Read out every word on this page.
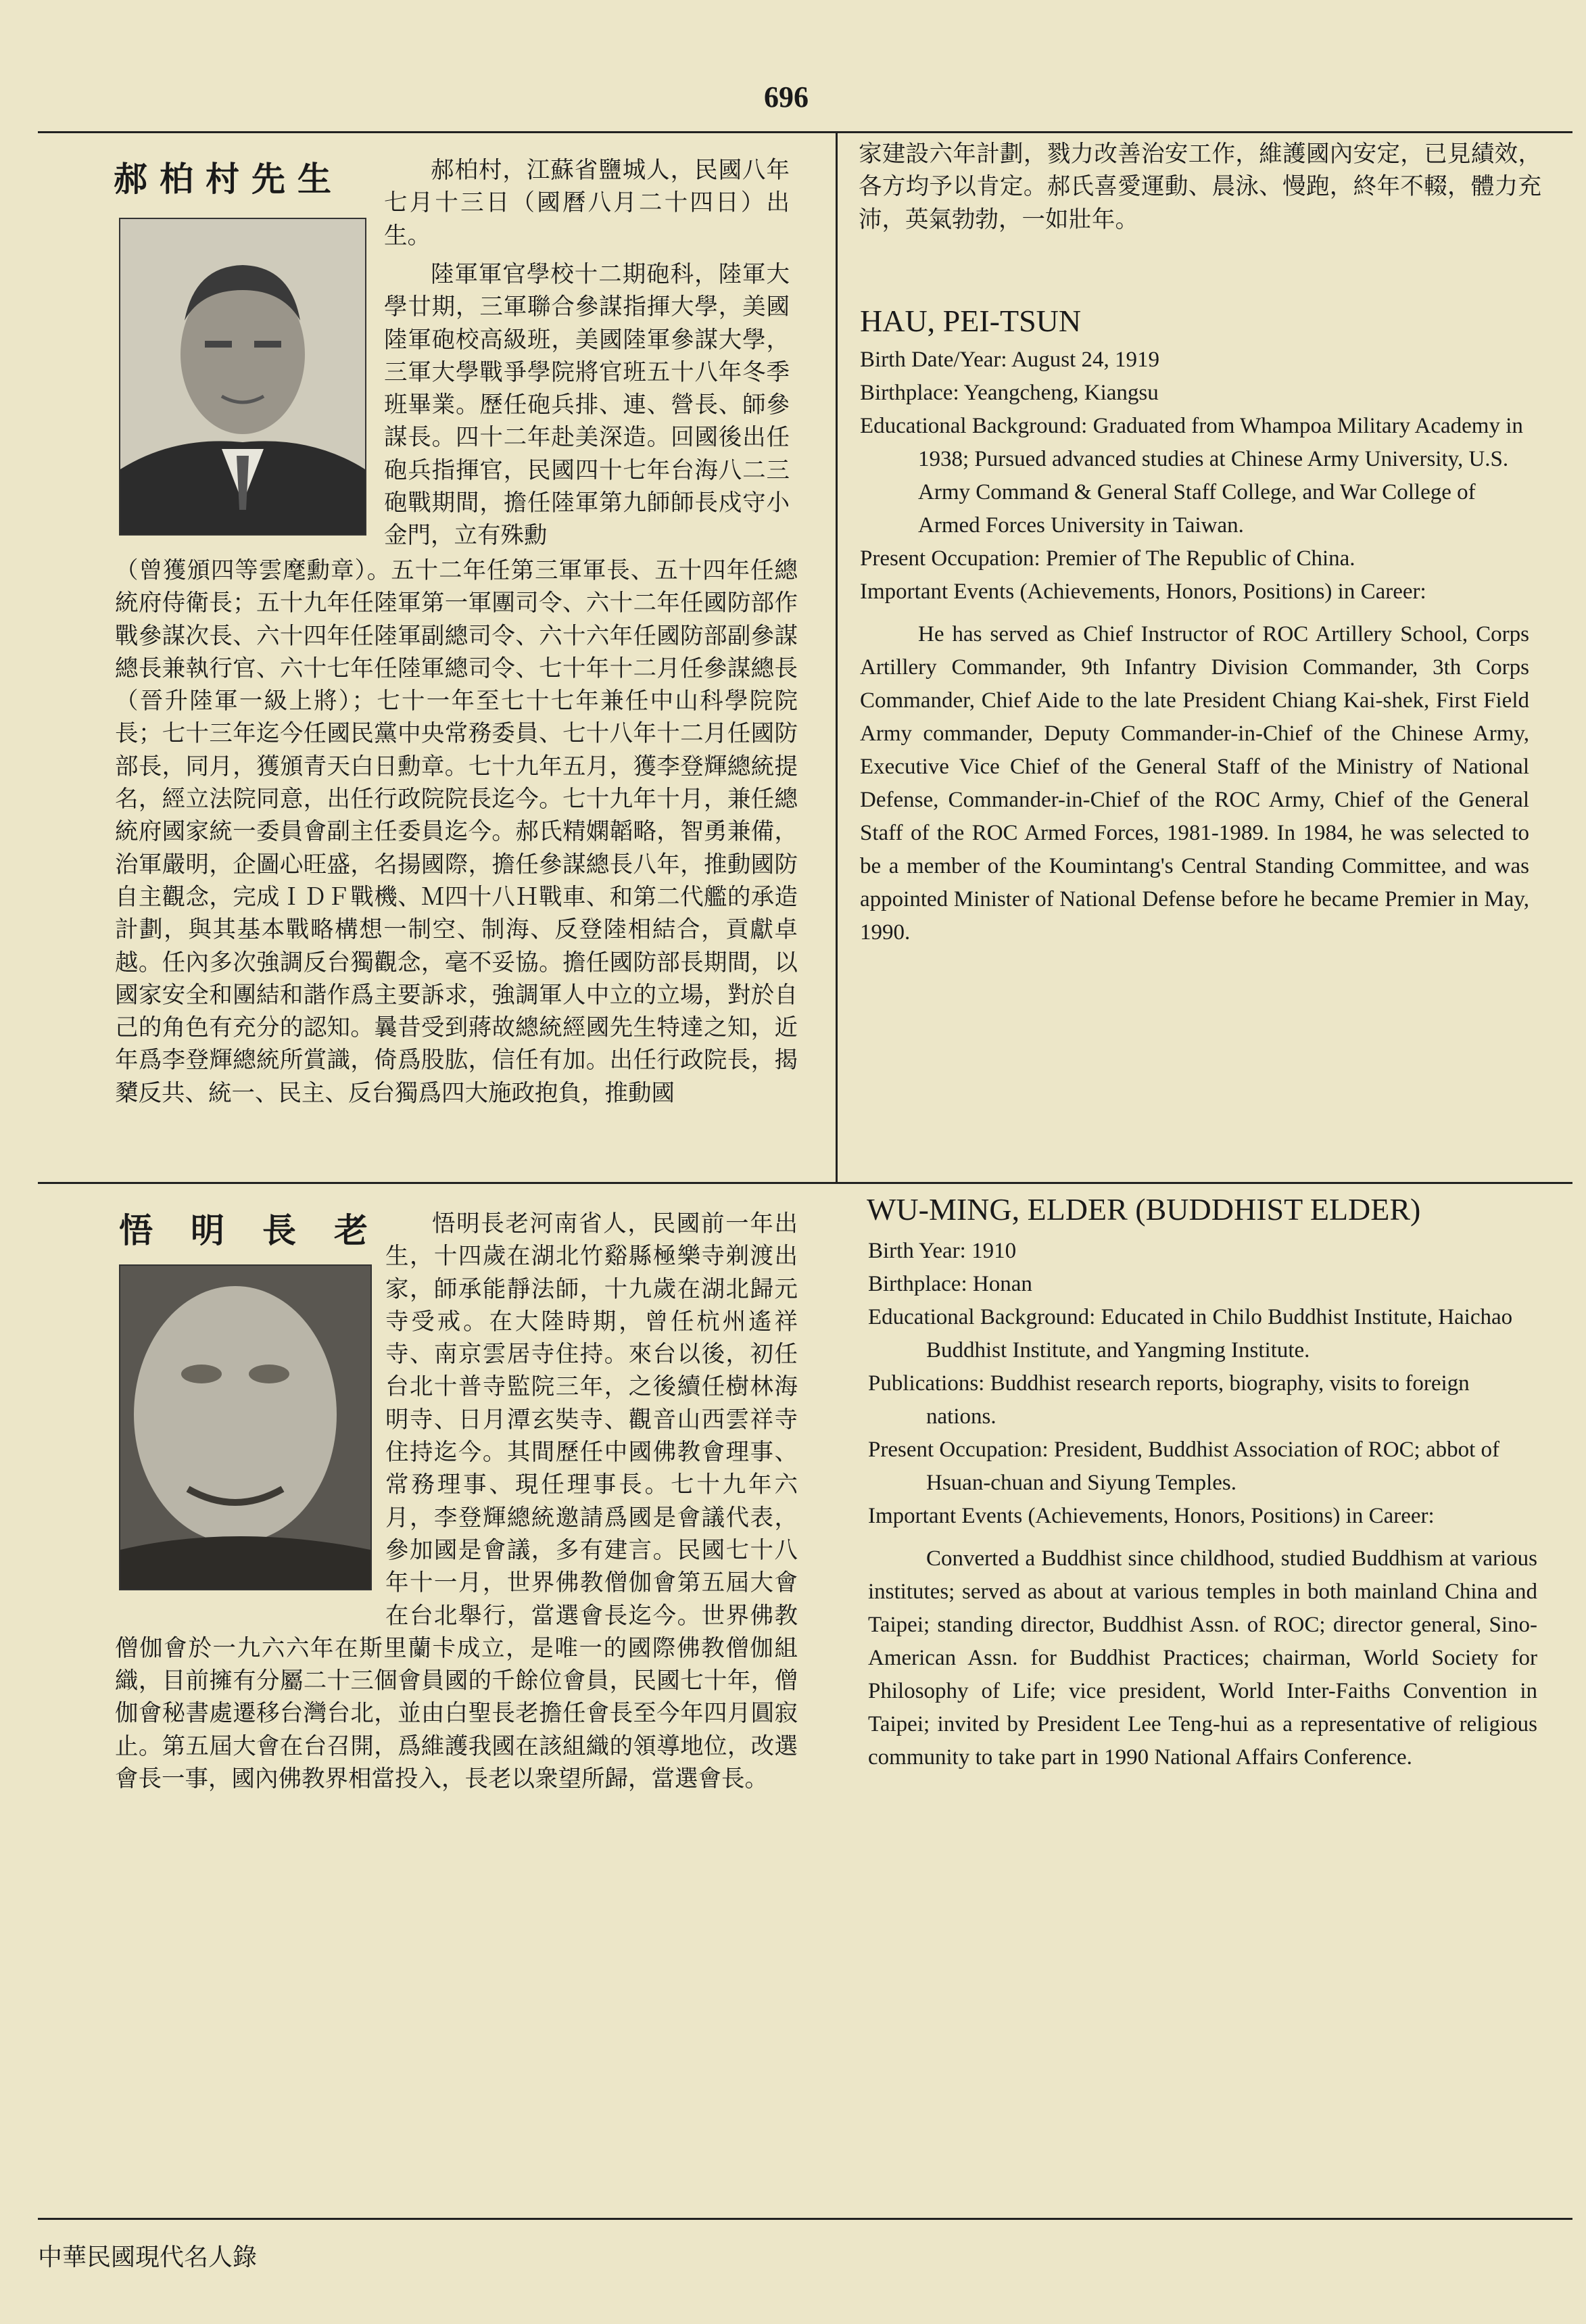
696
郝柏村先生	郝柏村，江蘇省鹽城人，民國八年七月十三日（國曆八月二十四日）出生。

陸軍軍官學校十二期砲科，陸軍大學廿期，三軍聯合參謀指揮大學，美國陸軍砲校高級班，美國陸軍參謀大學，三軍大學戰爭學院將官班五十八年冬季班畢業。歷任砲兵排、連、營長、師參謀長。四十二年赴美深造。回國後出任砲兵指揮官，民國四十七年台海八二三砲戰期間，擔任陸軍第九師師長戍守小金門，立有殊勳

（曾獲頒四等雲麾勳章）。五十二年任第三軍軍長、五十四年任總統府侍衛長；五十九年任陸軍第一軍團司令、六十二年任國防部作戰參謀次長、六十四年任陸軍副總司令、六十六年任國防部副參謀總長兼執行官、六十七年任陸軍總司令、七十年十二月任參謀總長（晉升陸軍一級上將）；七十一年至七十七年兼任中山科學院院長；七十三年迄今任國民黨中央常務委員、七十八年十二月任國防部長，同月，獲頒青天白日勳章。七十九年五月，獲李登輝總統提名，經立法院同意，出任行政院院長迄今。七十九年十月，兼任總統府國家統一委員會副主任委員迄今。郝氏精嫻韜略，智勇兼備，治軍嚴明，企圖心旺盛，名揚國際，擔任參謀總長八年，推動國防自主觀念，完成ＩＤＦ戰機、Ｍ四十八Ｈ戰車、和第二代艦的承造計劃，與其基本戰略構想一制空、制海、反登陸相結合，貢獻卓越。任內多次強調反台獨觀念，毫不妥協。擔任國防部長期間，以國家安全和團結和諧作爲主要訴求，強調軍人中立的立場，對於自己的角色有充分的認知。曩昔受到蔣故總統經國先生特達之知，近年爲李登輝總統所賞識，倚爲股肱，信任有加。出任行政院長，揭櫫反共、統一、民主、反台獨爲四大施政抱負，推動國

家建設六年計劃，戮力改善治安工作，維護國內安定，已見績效，各方均予以肯定。郝氏喜愛運動、晨泳、慢跑，終年不輟，體力充沛，英氣勃勃，一如壯年。

HAU, PEI-TSUN
Birth Date/Year: August 24, 1919
Birthplace: Yeangcheng, Kiangsu
Educational Background: Graduated from Whampoa Military Academy in 1938; Pursued advanced studies at Chinese Army University, U.S. Army Command & General Staff College, and War College of Armed Forces University in Taiwan.
Present Occupation: Premier of The Republic of China.
Important Events (Achievements, Honors, Positions) in Career:

He has served as Chief Instructor of ROC Artillery School, Corps Artillery Commander, 9th Infantry Division Commander, 3th Corps Commander, Chief Aide to the late President Chiang Kai-shek, First Field Army commander, Deputy Commander-in-Chief of the Chinese Army, Executive Vice Chief of the General Staff of the Ministry of National Defense, Commander-in-Chief of the ROC Army, Chief of the General Staff of the ROC Armed Forces, 1981-1989. In 1984, he was selected to be a member of the Koumintang's Central Standing Committee, and was appointed Minister of National Defense before he became Premier in May, 1990.

悟明長老	悟明長老河南省人，民國前一年出生，十四歲在湖北竹谿縣極樂寺剃渡出家，師承能靜法師，十九歲在湖北歸元寺受戒。在大陸時期，曾任杭州遙祥寺、南京雲居寺住持。來台以後，初任台北十普寺監院三年，之後續任樹林海明寺、日月潭玄奘寺、觀音山西雲祥寺住持迄今。其間歷任中國佛教會理事、常務理事、現任理事長。七十九年六月，李登輝總統邀請爲國是會議代表，參加國是會議，多有建言。民國七十八年十一月，世界佛教僧伽會第五屆大會在台北舉行，當選會長迄今。世界佛教僧伽會於一九六六年在斯里蘭卡成立，是唯一的國際佛教僧伽組織，目前擁有分屬二十三個會員國的千餘位會員，民國七十年，僧伽會秘書處遷移台灣台北，並由白聖長老擔任會長至今年四月圓寂止。第五屆大會在台召開，爲維護我國在該組織的領導地位，改選會長一事，國內佛教界相當投入，長老以衆望所歸，當選會長。

WU-MING, ELDER (BUDDHIST ELDER)
Birth Year: 1910
Birthplace: Honan
Educational Background: Educated in Chilo Buddhist Institute, Haichao Buddhist Institute, and Yangming Institute.
Publications: Buddhist research reports, biography, visits to foreign nations.
Present Occupation: President, Buddhist Association of ROC; abbot of Hsuan-chuan and Siyung Temples.
Important Events (Achievements, Honors, Positions) in Career:

Converted a Buddhist since childhood, studied Buddhism at various institutes; served as about at various temples in both mainland China and Taipei; standing director, Buddhist Assn. of ROC; director general, Sino-American Assn. for Buddhist Practices; chairman, World Society for Philosophy of Life; vice president, World Inter-Faiths Convention in Taipei; invited by President Lee Teng-hui as a representative of religious community to take part in 1990 National Affairs Conference.

中華民國現代名人錄
